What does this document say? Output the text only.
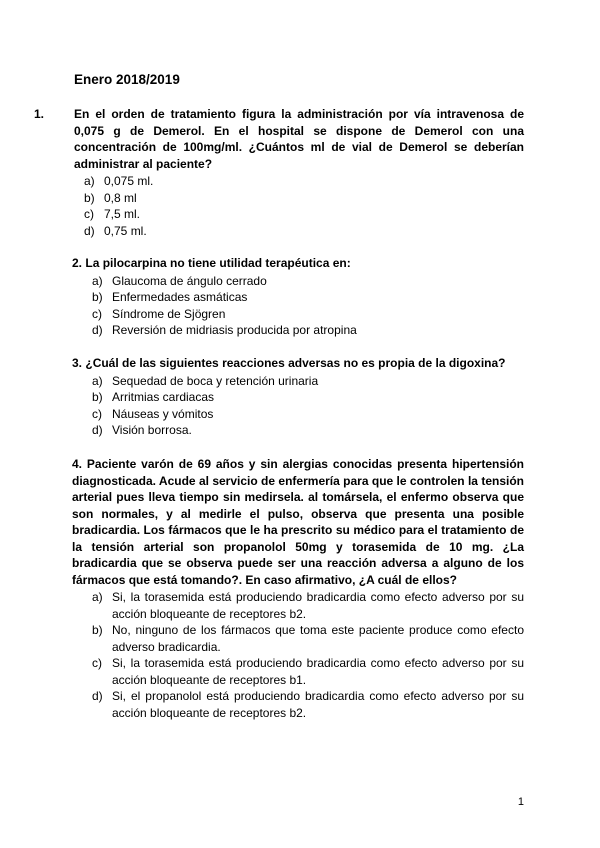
Enero 2018/2019

1. En el orden de tratamiento figura la administración por vía intravenosa de 0,075 g de Demerol. En el hospital se dispone de Demerol con una concentración de 100mg/ml. ¿Cuántos ml de vial de Demerol se deberían administrar al paciente?

a) 0,075 ml.
b) 0,8 ml
c) 7,5 ml.
d) 0,75 ml.

2. La pilocarpina no tiene utilidad terapéutica en:

a) Glaucoma de ángulo cerrado
b) Enfermedades asmáticas
c) Síndrome de Sjögren
d) Reversión de midriasis producida por atropina

3. ¿Cuál de las siguientes reacciones adversas no es propia de la digoxina?

a) Sequedad de boca y retención urinaria
b) Arritmias cardiacas
c) Náuseas y vómitos
d) Visión borrosa.

4. Paciente varón de 69 años y sin alergias conocidas presenta hipertensión diagnosticada. Acude al servicio de enfermería para que le controlen la tensión arterial pues lleva tiempo sin medirsela. al tomársela, el enfermo observa que son normales, y al medirle el pulso, observa que presenta una posible bradicardia. Los fármacos que le ha prescrito su médico para el tratamiento de la tensión arterial son propanolol 50mg y torasemida de 10 mg. ¿La bradicardia que se observa puede ser una reacción adversa a alguno de los fármacos que está tomando?. En caso afirmativo, ¿A cuál de ellos?

a) Si, la torasemida está produciendo bradicardia como efecto adverso por su acción bloqueante de receptores b2.
b) No, ninguno de los fármacos que toma este paciente produce como efecto adverso bradicardia.
c) Si, la torasemida está produciendo bradicardia como efecto adverso por su acción bloqueante de receptores b1.
d) Si, el propanolol está produciendo bradicardia como efecto adverso por su acción bloqueante de receptores b2.
1
